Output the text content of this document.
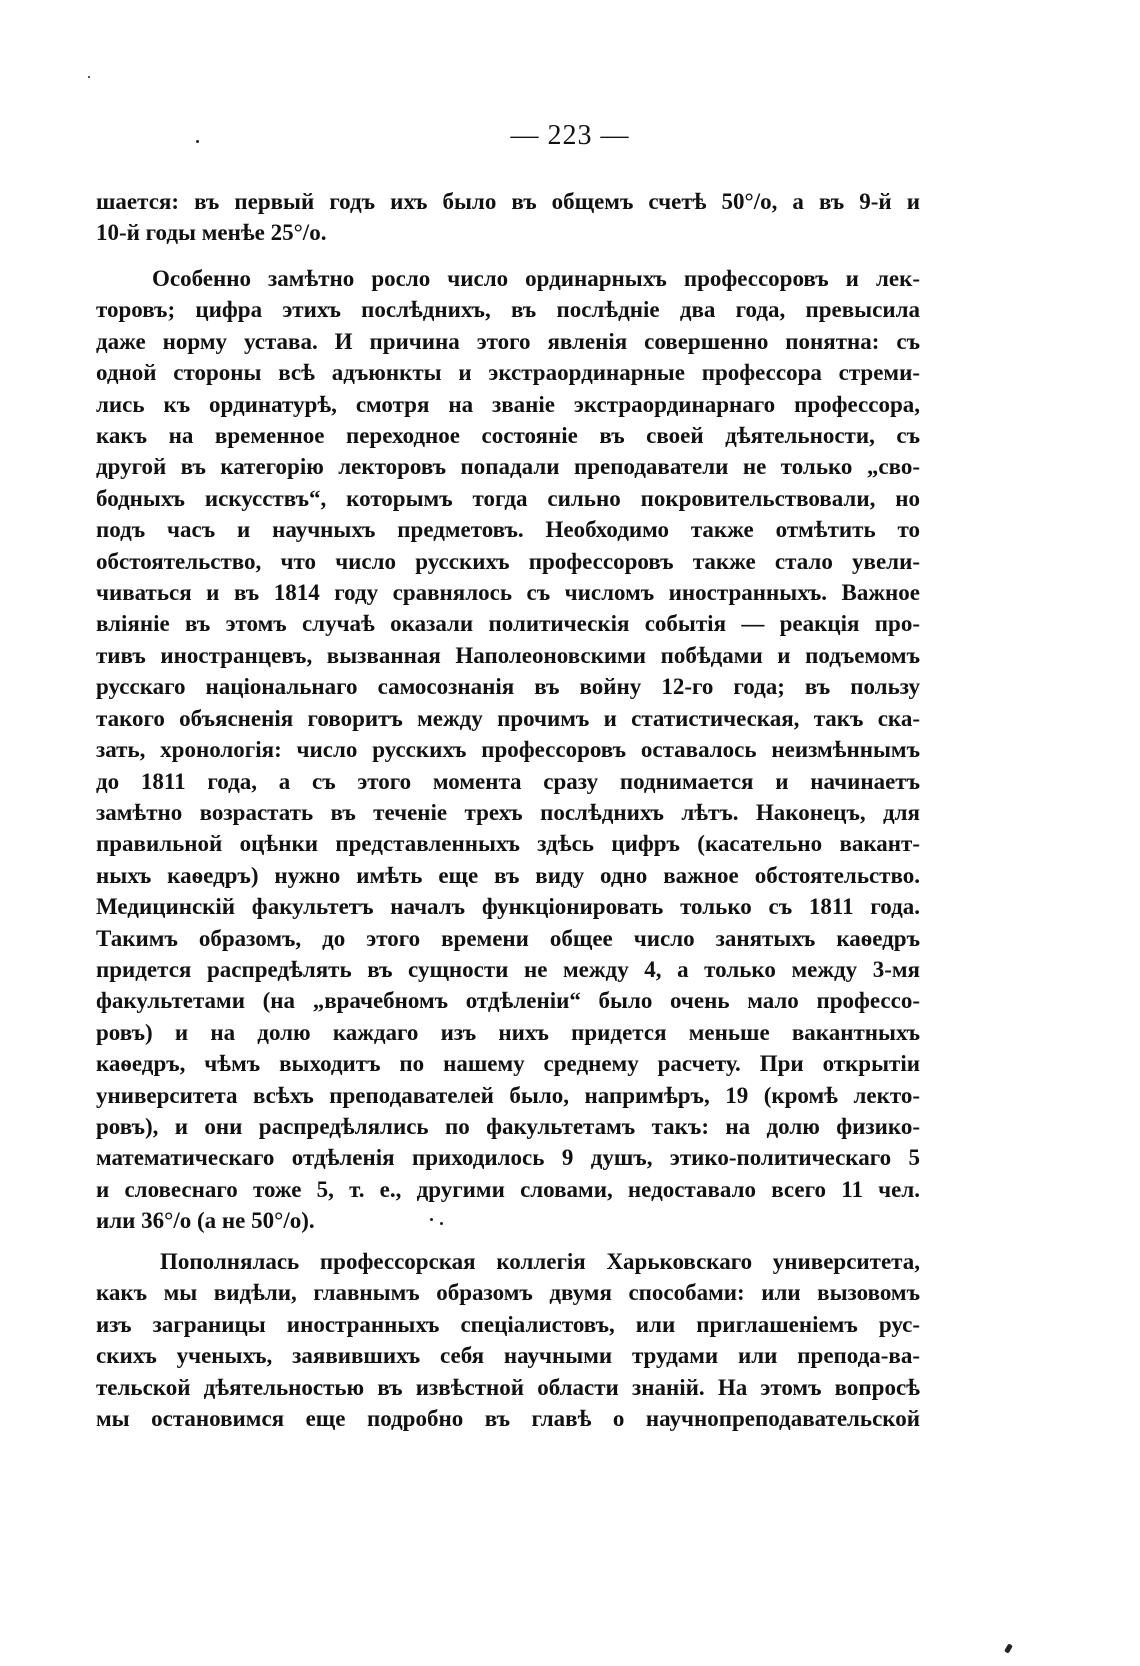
— 223 —
шается: въ первый годъ ихъ было въ общемъ счетѣ 50°/о, а въ 9-й и
10-й годы менѣе 25°/о.
Особенно замѣтно росло число ординарныхъ профессоровъ и лек-
торовъ; цифра этихъ послѣднихъ, въ послѣдніе два года, превысила
даже норму устава. И причина этого явленія совершенно понятна: съ
одной стороны всѣ адъюнкты и экстраординарные профессора стреми-
лись къ ординатурѣ, смотря на званіе экстраординарнаго профессора,
какъ на временное переходное состояніе въ своей дѣятельности, съ
другой въ категорію лекторовъ попадали преподаватели не только „сво-
бодныхъ искусствъ“, которымъ тогда сильно покровительствовали, но
подъ часъ и научныхъ предметовъ. Необходимо также отмѣтить то
обстоятельство, что число русскихъ профессоровъ также стало увели-
чиваться и въ 1814 году сравнялось съ числомъ иностранныхъ. Важное
вліяніе въ этомъ случаѣ оказали политическія событія — реакція про-
тивъ иностранцевъ, вызванная Наполеоновскими побѣдами и подъемомъ
русскаго національнаго самосознанія въ войну 12-го года; въ пользу
такого объясненія говоритъ между прочимъ и статистическая, такъ ска-
зать, хронологія: число русскихъ профессоровъ оставалось неизмѣннымъ
до 1811 года, а съ этого момента сразу поднимается и начинаетъ
замѣтно возрастать въ теченіе трехъ послѣднихъ лѣтъ. Наконецъ, для
правильной оцѣнки представленныхъ здѣсь цифръ (касательно вакант-
ныхъ каѳедръ) нужно имѣть еще въ виду одно важное обстоятельство.
Медицинскій факультетъ началъ функціонировать только съ 1811 года.
Такимъ образомъ, до этого времени общее число занятыхъ каѳедръ
придется распредѣлять въ сущности не между 4, а только между 3-мя
факультетами (на „врачебномъ отдѣленіи“ было очень мало профессо-
ровъ) и на долю каждаго изъ нихъ придется меньше вакантныхъ
каѳедръ, чѣмъ выходитъ по нашему среднему расчету. При открытіи
университета всѣхъ преподавателей было, напримѣръ, 19 (кромѣ лекто-
ровъ), и они распредѣлялись по факультетамъ такъ: на долю физико-
математическаго отдѣленія приходилось 9 душъ, этико-политическаго 5
и словеснаго тоже 5, т. е., другими словами, недоставало всего 11 чел.
или 36°/о (а не 50°/о).
Пополнялась профессорская коллегія Харьковскаго университета,
какъ мы видѣли, главнымъ образомъ двумя способами: или вызовомъ
изъ заграницы иностранныхъ спеціалистовъ, или приглашеніемъ рус-
скихъ ученыхъ, заявившихъ себя научными трудами или препода-ва-
тельской дѣятельностью въ извѣстной области знаній. На этомъ вопросѣ
мы остановимся еще подробно въ главѣ о научнопреподавательской
